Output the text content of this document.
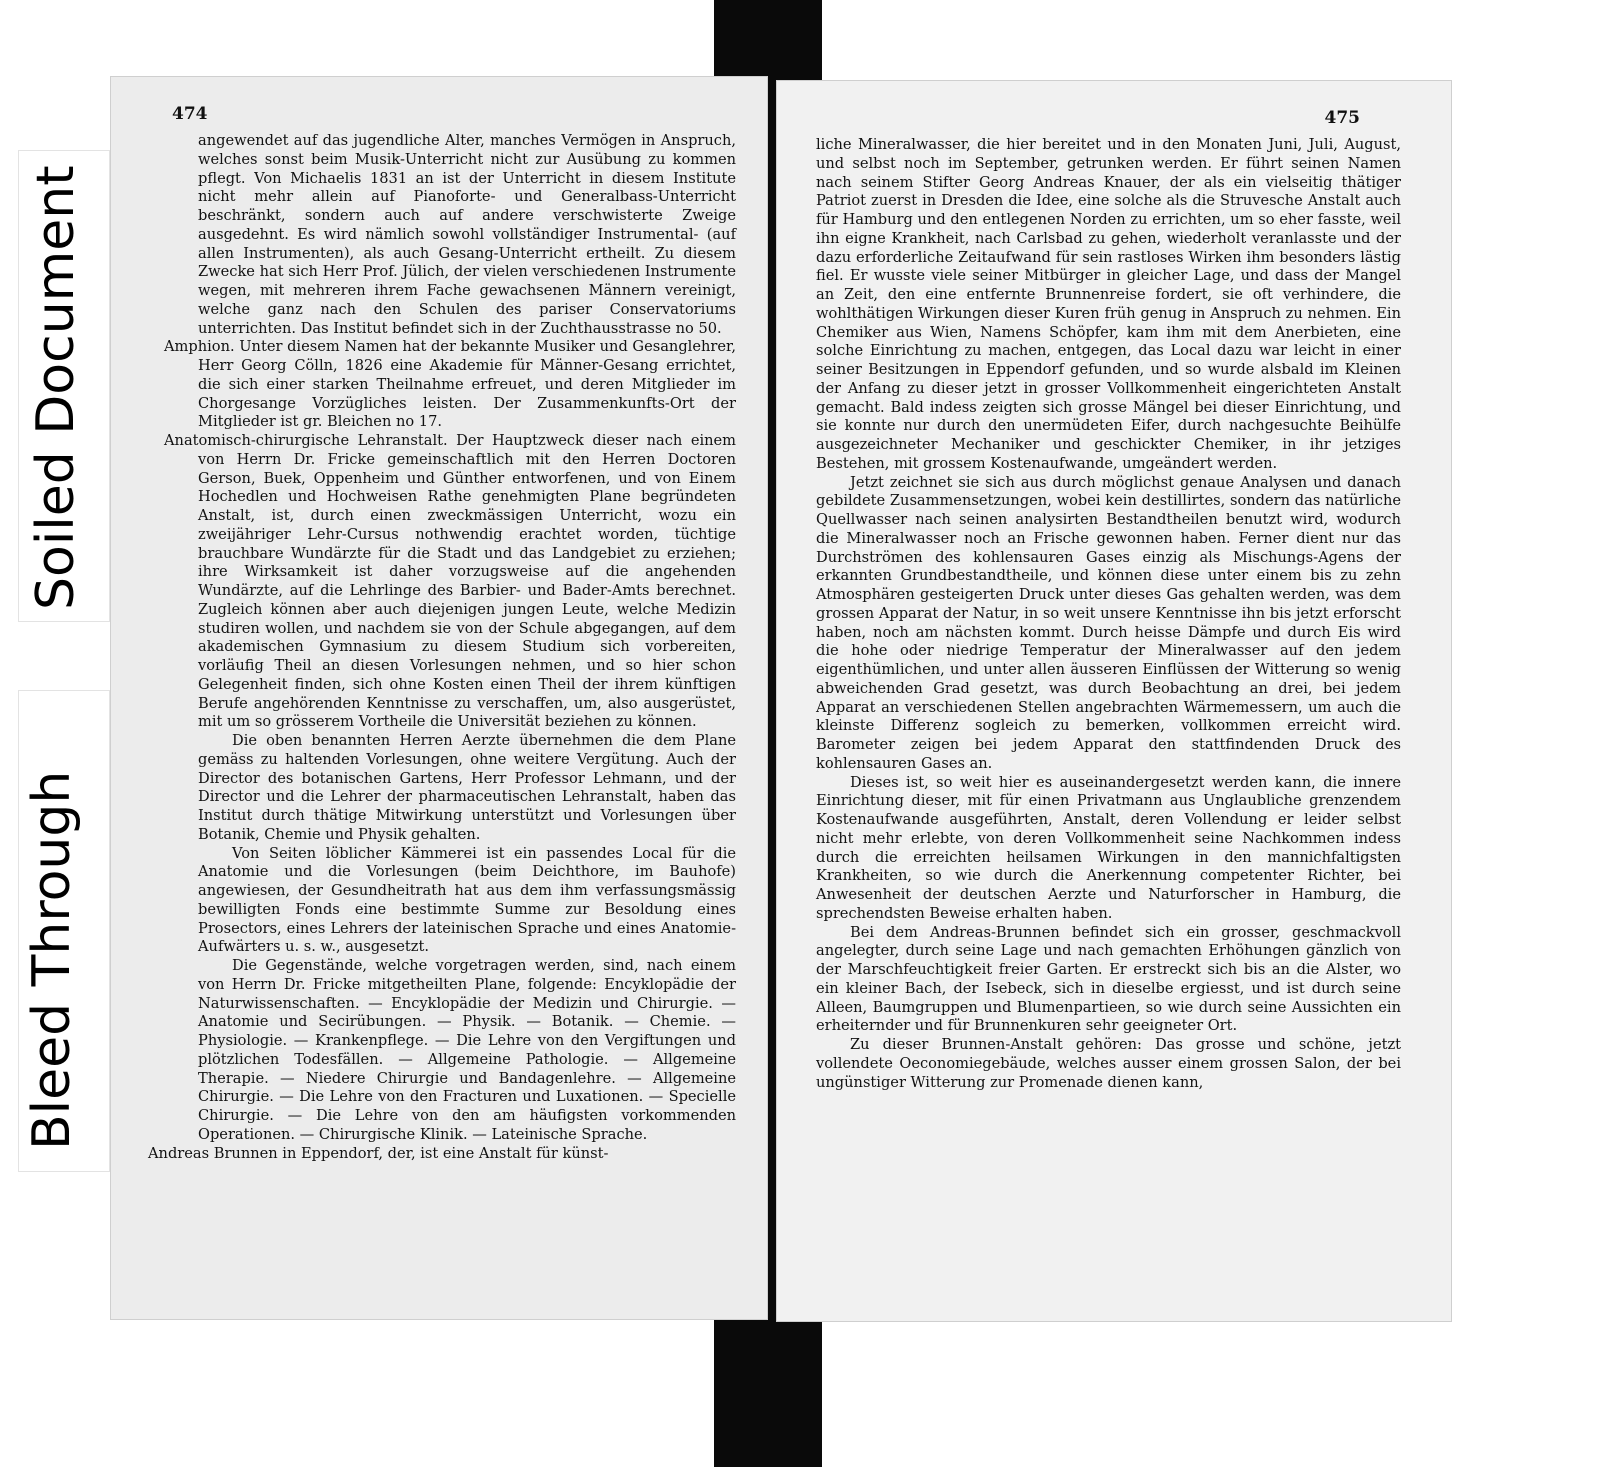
Soiled Document
Bleed Through
474

angewendet auf das jugendliche Alter, manches Vermögen in Anspruch, welches sonst beim Musik-Unterricht nicht zur Ausübung zu kommen pflegt. Von Michaelis 1831 an ist der Unterricht in diesem Institute nicht mehr allein auf Pianoforte- und Generalbass-Unterricht beschränkt, sondern auch auf andere verschwisterte Zweige ausgedehnt. Es wird nämlich sowohl vollständiger Instrumental- (auf allen Instrumenten), als auch Gesang-Unterricht ertheilt. Zu diesem Zwecke hat sich Herr Prof. Jülich, der vielen verschiedenen Instrumente wegen, mit mehreren ihrem Fache gewachsenen Männern vereinigt, welche ganz nach den Schulen des pariser Conservatoriums unterrichten. Das Institut befindet sich in der Zuchthausstrasse no 50.

Amphion. Unter diesem Namen hat der bekannte Musiker und Gesanglehrer, Herr Georg Cölln, 1826 eine Akademie für Männer-Gesang errichtet, die sich einer starken Theilnahme erfreuet, und deren Mitglieder im Chorgesange Vorzügliches leisten. Der Zusammenkunfts-Ort der Mitglieder ist gr. Bleichen no 17.

Anatomisch-chirurgische Lehranstalt. Der Hauptzweck dieser nach einem von Herrn Dr. Fricke gemeinschaftlich mit den Herren Doctoren Gerson, Buek, Oppenheim und Günther entworfenen, und von Einem Hochedlen und Hochweisen Rathe genehmigten Plane begründeten Anstalt, ist, durch einen zweckmässigen Unterricht, wozu ein zweijähriger Lehr-Cursus nothwendig erachtet worden, tüchtige brauchbare Wundärzte für die Stadt und das Landgebiet zu erziehen; ihre Wirksamkeit ist daher vorzugsweise auf die angehenden Wundärzte, auf die Lehrlinge des Barbier- und Bader-Amts berechnet. Zugleich können aber auch diejenigen jungen Leute, welche Medizin studiren wollen, und nachdem sie von der Schule abgegangen, auf dem akademischen Gymnasium zu diesem Studium sich vorbereiten, vorläufig Theil an diesen Vorlesungen nehmen, und so hier schon Gelegenheit finden, sich ohne Kosten einen Theil der ihrem künftigen Berufe angehörenden Kenntnisse zu verschaffen, um, also ausgerüstet, mit um so grösserem Vortheile die Universität beziehen zu können.

Die oben benannten Herren Aerzte übernehmen die dem Plane gemäss zu haltenden Vorlesungen, ohne weitere Vergütung. Auch der Director des botanischen Gartens, Herr Professor Lehmann, und der Director und die Lehrer der pharmaceutischen Lehranstalt, haben das Institut durch thätige Mitwirkung unterstützt und Vorlesungen über Botanik, Chemie und Physik gehalten.

Von Seiten löblicher Kämmerei ist ein passendes Local für die Anatomie und die Vorlesungen (beim Deichthore, im Bauhofe) angewiesen, der Gesundheitrath hat aus dem ihm verfassungsmässig bewilligten Fonds eine bestimmte Summe zur Besoldung eines Prosectors, eines Lehrers der lateinischen Sprache und eines Anatomie-Aufwärters u. s. w., ausgesetzt.

Die Gegenstände, welche vorgetragen werden, sind, nach einem von Herrn Dr. Fricke mitgetheilten Plane, folgende: Encyklopädie der Naturwissenschaften. — Encyklopädie der Medizin und Chirurgie. — Anatomie und Secirübungen. — Physik. — Botanik. — Chemie. — Physiologie. — Krankenpflege. — Die Lehre von den Vergiftungen und plötzlichen Todesfällen. — Allgemeine Pathologie. — Allgemeine Therapie. — Niedere Chirurgie und Bandagenlehre. — Allgemeine Chirurgie. — Die Lehre von den Fracturen und Luxationen. — Specielle Chirurgie. — Die Lehre von den am häufigsten vorkommenden Operationen. — Chirurgische Klinik. — Lateinische Sprache.

Andreas Brunnen in Eppendorf, der, ist eine Anstalt für künst-

475

liche Mineralwasser, die hier bereitet und in den Monaten Juni, Juli, August, und selbst noch im September, getrunken werden. Er führt seinen Namen nach seinem Stifter Georg Andreas Knauer, der als ein vielseitig thätiger Patriot zuerst in Dresden die Idee, eine solche als die Struvesche Anstalt auch für Hamburg und den entlegenen Norden zu errichten, um so eher fasste, weil ihn eigne Krankheit, nach Carlsbad zu gehen, wiederholt veranlasste und der dazu erforderliche Zeitaufwand für sein rastloses Wirken ihm besonders lästig fiel. Er wusste viele seiner Mitbürger in gleicher Lage, und dass der Mangel an Zeit, den eine entfernte Brunnenreise fordert, sie oft verhindere, die wohlthätigen Wirkungen dieser Kuren früh genug in Anspruch zu nehmen. Ein Chemiker aus Wien, Namens Schöpfer, kam ihm mit dem Anerbieten, eine solche Einrichtung zu machen, entgegen, das Local dazu war leicht in einer seiner Besitzungen in Eppendorf gefunden, und so wurde alsbald im Kleinen der Anfang zu dieser jetzt in grosser Vollkommenheit eingerichteten Anstalt gemacht. Bald indess zeigten sich grosse Mängel bei dieser Einrichtung, und sie konnte nur durch den unermüdeten Eifer, durch nachgesuchte Beihülfe ausgezeichneter Mechaniker und geschickter Chemiker, in ihr jetziges Bestehen, mit grossem Kostenaufwande, umgeändert werden.

Jetzt zeichnet sie sich aus durch möglichst genaue Analysen und danach gebildete Zusammensetzungen, wobei kein destillirtes, sondern das natürliche Quellwasser nach seinen analysirten Bestandtheilen benutzt wird, wodurch die Mineralwasser noch an Frische gewonnen haben. Ferner dient nur das Durchströmen des kohlensauren Gases einzig als Mischungs-Agens der erkannten Grundbestandtheile, und können diese unter einem bis zu zehn Atmosphären gesteigerten Druck unter dieses Gas gehalten werden, was dem grossen Apparat der Natur, in so weit unsere Kenntnisse ihn bis jetzt erforscht haben, noch am nächsten kommt. Durch heisse Dämpfe und durch Eis wird die hohe oder niedrige Temperatur der Mineralwasser auf den jedem eigenthümlichen, und unter allen äusseren Einflüssen der Witterung so wenig abweichenden Grad gesetzt, was durch Beobachtung an drei, bei jedem Apparat an verschiedenen Stellen angebrachten Wärmemessern, um auch die kleinste Differenz sogleich zu bemerken, vollkommen erreicht wird. Barometer zeigen bei jedem Apparat den stattfindenden Druck des kohlensauren Gases an.

Dieses ist, so weit hier es auseinandergesetzt werden kann, die innere Einrichtung dieser, mit für einen Privatmann aus Unglaubliche grenzendem Kostenaufwande ausgeführten, Anstalt, deren Vollendung er leider selbst nicht mehr erlebte, von deren Vollkommenheit seine Nachkommen indess durch die erreichten heilsamen Wirkungen in den mannichfaltigsten Krankheiten, so wie durch die Anerkennung competenter Richter, bei Anwesenheit der deutschen Aerzte und Naturforscher in Hamburg, die sprechendsten Beweise erhalten haben.

Bei dem Andreas-Brunnen befindet sich ein grosser, geschmackvoll angelegter, durch seine Lage und nach gemachten Erhöhungen gänzlich von der Marschfeuchtigkeit freier Garten. Er erstreckt sich bis an die Alster, wo ein kleiner Bach, der Isebeck, sich in dieselbe ergiesst, und ist durch seine Alleen, Baumgruppen und Blumenpartieen, so wie durch seine Aussichten ein erheiternder und für Brunnenkuren sehr geeigneter Ort.

Zu dieser Brunnen-Anstalt gehören: Das grosse und schöne, jetzt vollendete Oeconomiegebäude, welches ausser einem grossen Salon, der bei ungünstiger Witterung zur Promenade dienen kann,
